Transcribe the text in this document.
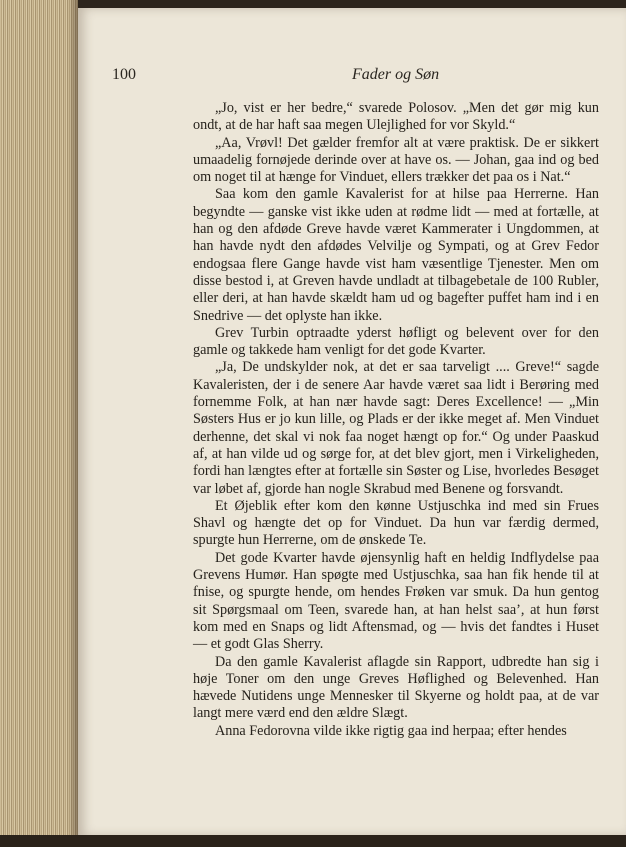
100	Fader og Søn

„Jo, vist er her bedre,“ svarede Polosov. „Men det gør mig kun ondt, at de har haft saa megen Ulejlighed for vor Skyld.“

„Aa, Vrøvl! Det gælder fremfor alt at være praktisk. De er sikkert umaadelig fornøjede derinde over at have os. — Johan, gaa ind og bed om noget til at hænge for Vinduet, ellers trækker det paa os i Nat.“

Saa kom den gamle Kavalerist for at hilse paa Herrerne. Han begyndte — ganske vist ikke uden at rødme lidt — med at fortælle, at han og den afdøde Greve havde været Kammerater i Ungdommen, at han havde nydt den afdødes Velvilje og Sympati, og at Grev Fedor endogsaa flere Gange havde vist ham væsentlige Tjenester. Men om disse bestod i, at Greven havde undladt at tilbagebetale de 100 Rubler, eller deri, at han havde skældt ham ud og bagefter puffet ham ind i en Snedrive — det oplyste han ikke.

Grev Turbin optraadte yderst høfligt og belevent over for den gamle og takkede ham venligt for det gode Kvarter.

„Ja, De undskylder nok, at det er saa tarveligt .... Greve!“ sagde Kavaleristen, der i de senere Aar havde været saa lidt i Berøring med fornemme Folk, at han nær havde sagt: Deres Excellence! — „Min Søsters Hus er jo kun lille, og Plads er der ikke meget af. Men Vinduet derhenne, det skal vi nok faa noget hængt op for.“ Og under Paaskud af, at han vilde ud og sørge for, at det blev gjort, men i Virkeligheden, fordi han længtes efter at fortælle sin Søster og Lise, hvorledes Besøget var løbet af, gjorde han nogle Skrabud med Benene og forsvandt.

Et Øjeblik efter kom den kønne Ustjuschka ind med sin Frues Shavl og hængte det op for Vinduet. Da hun var færdig dermed, spurgte hun Herrerne, om de ønskede Te.

Det gode Kvarter havde øjensynlig haft en heldig Indflydelse paa Grevens Humør. Han spøgte med Ustjuschka, saa han fik hende til at fnise, og spurgte hende, om hendes Frøken var smuk. Da hun gentog sit Spørgsmaal om Teen, svarede han, at han helst saa’, at hun først kom med en Snaps og lidt Aftensmad, og — hvis det fandtes i Huset — et godt Glas Sherry.

Da den gamle Kavalerist aflagde sin Rapport, udbredte han sig i høje Toner om den unge Greves Høflighed og Belevenhed. Han hævede Nutidens unge Mennesker til Skyerne og holdt paa, at de var langt mere værd end den ældre Slægt.

Anna Fedorovna vilde ikke rigtig gaa ind herpaa; efter hendes
